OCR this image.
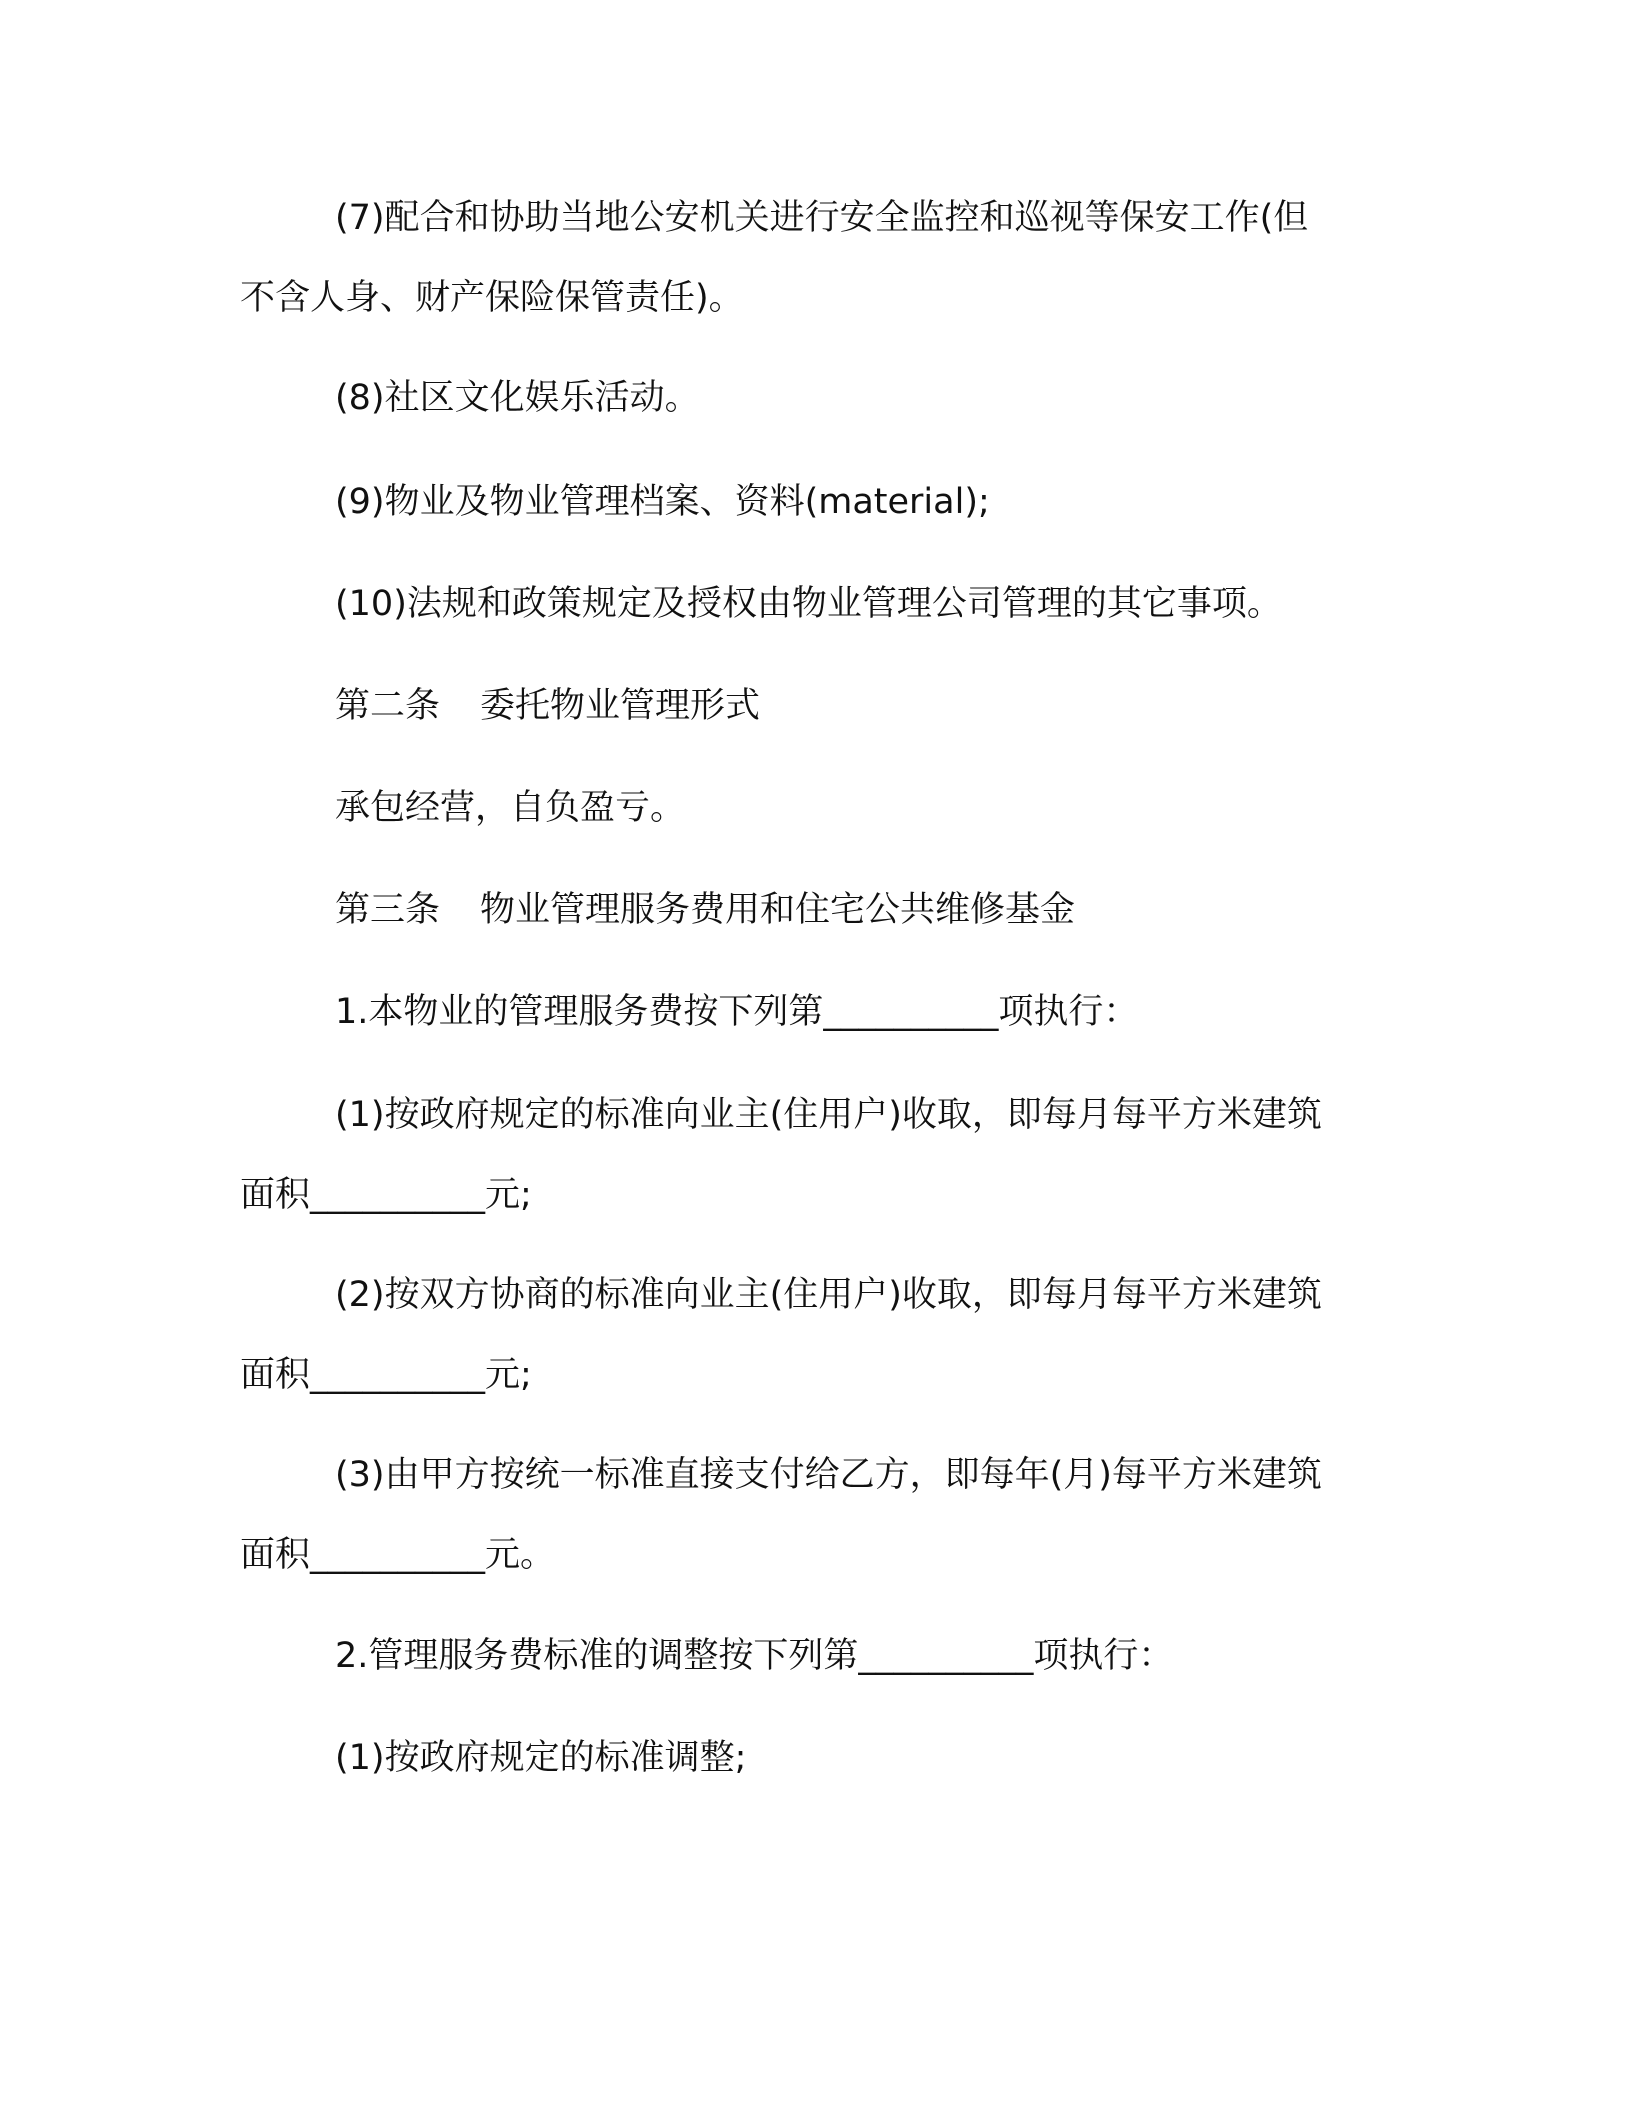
(7)配合和协助当地公安机关进行安全监控和巡视等保安工作(但
不含人身、财产保险保管责任)。

(8)社区文化娱乐活动。

(9)物业及物业管理档案、资料(material);

(10)法规和政策规定及授权由物业管理公司管理的其它事项。

第二条 委托物业管理形式

承包经营，自负盈亏。

第三条 物业管理服务费用和住宅公共维修基金

1.本物业的管理服务费按下列第__________项执行：

(1)按政府规定的标准向业主(住用户)收取，即每月每平方米建筑
面积__________元;
(2)按双方协商的标准向业主(住用户)收取，即每月每平方米建筑
面积__________元;
(3)由甲方按统一标准直接支付给乙方，即每年(月)每平方米建筑
面积__________元。

2.管理服务费标准的调整按下列第__________项执行：

(1)按政府规定的标准调整;
